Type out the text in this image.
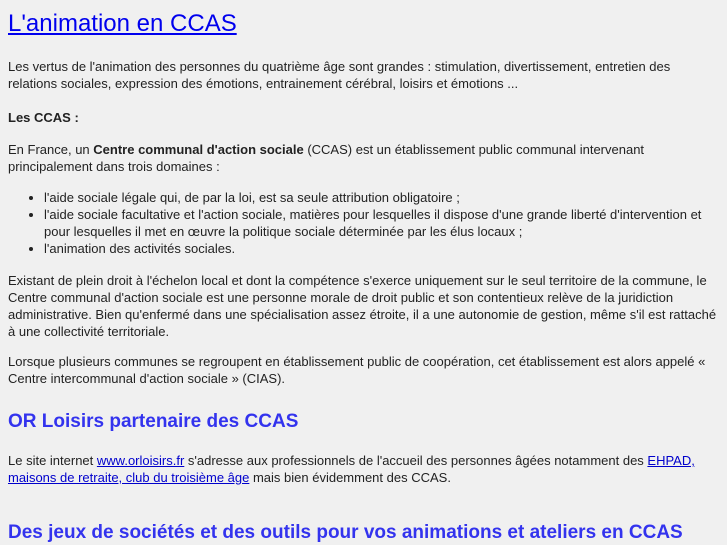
L'animation en CCAS

Les vertus de l'animation des personnes du quatrième âge sont grandes : stimulation, divertissement, entretien des relations sociales, expression des émotions, entrainement cérébral, loisirs et émotions ...

Les CCAS :

En France, un Centre communal d'action sociale (CCAS) est un établissement public communal intervenant principalement dans trois domaines :

• l'aide sociale légale qui, de par la loi, est sa seule attribution obligatoire ;
• l'aide sociale facultative et l'action sociale, matières pour lesquelles il dispose d'une grande liberté d'intervention et pour lesquelles il met en œuvre la politique sociale déterminée par les élus locaux ;
• l'animation des activités sociales.

Existant de plein droit à l'échelon local et dont la compétence s'exerce uniquement sur le seul territoire de la commune, le Centre communal d'action sociale est une personne morale de droit public et son contentieux relève de la juridiction administrative. Bien qu'enfermé dans une spécialisation assez étroite, il a une autonomie de gestion, même s'il est rattaché à une collectivité territoriale.

Lorsque plusieurs communes se regroupent en établissement public de coopération, cet établissement est alors appelé « Centre intercommunal d'action sociale » (CIAS).

OR Loisirs partenaire des CCAS

Le site internet www.orloisirs.fr s'adresse aux professionnels de l'accueil des personnes âgées notamment des EHPAD, maisons de retraite, club du troisième âge mais bien évidemment des CCAS.

Des jeux de sociétés et des outils pour vos animations et ateliers en CCAS
